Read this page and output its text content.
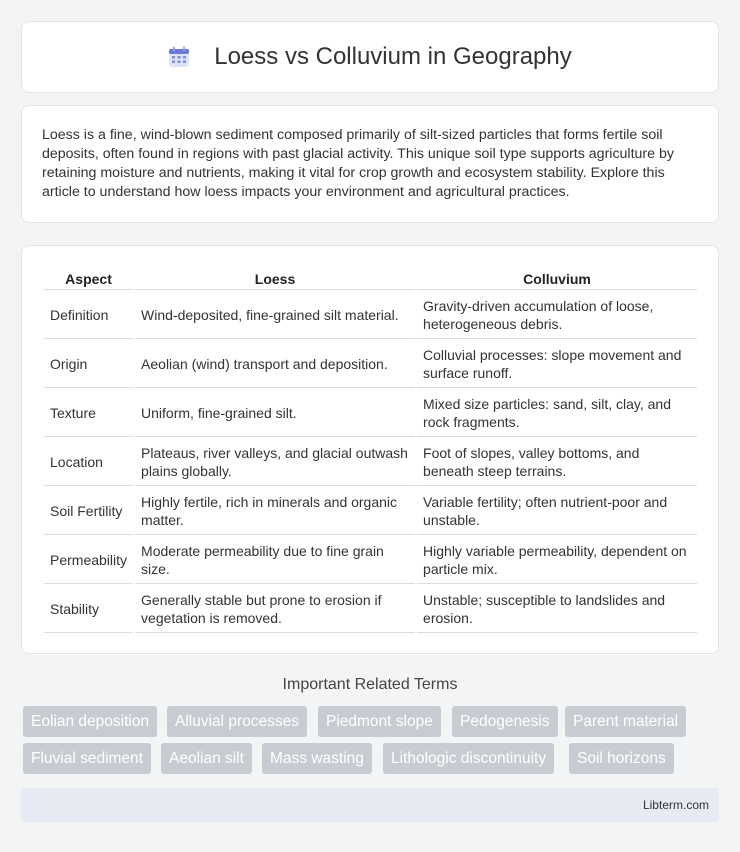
Loess vs Colluvium in Geography

Loess is a fine, wind-blown sediment composed primarily of silt-sized particles that forms fertile soil deposits, often found in regions with past glacial activity. This unique soil type supports agriculture by retaining moisture and nutrients, making it vital for crop growth and ecosystem stability. Explore this article to understand how loess impacts your environment and agricultural practices.

Aspect	Loess	Colluvium
Definition	Wind-deposited, fine-grained silt material.	Gravity-driven accumulation of loose, heterogeneous debris.
Origin	Aeolian (wind) transport and deposition.	Colluvial processes: slope movement and surface runoff.
Texture	Uniform, fine-grained silt.	Mixed size particles: sand, silt, clay, and rock fragments.
Location	Plateaus, river valleys, and glacial outwash plains globally.	Foot of slopes, valley bottoms, and beneath steep terrains.
Soil Fertility	Highly fertile, rich in minerals and organic matter.	Variable fertility; often nutrient-poor and unstable.
Permeability	Moderate permeability due to fine grain size.	Highly variable permeability, dependent on particle mix.
Stability	Generally stable but prone to erosion if vegetation is removed.	Unstable; susceptible to landslides and erosion.
Important Related Terms
Eolian deposition	Alluvial processes	Piedmont slope	Pedogenesis	Parent material
Fluvial sediment	Aeolian silt	Mass wasting	Lithologic discontinuity	Soil horizons
Libterm.com
